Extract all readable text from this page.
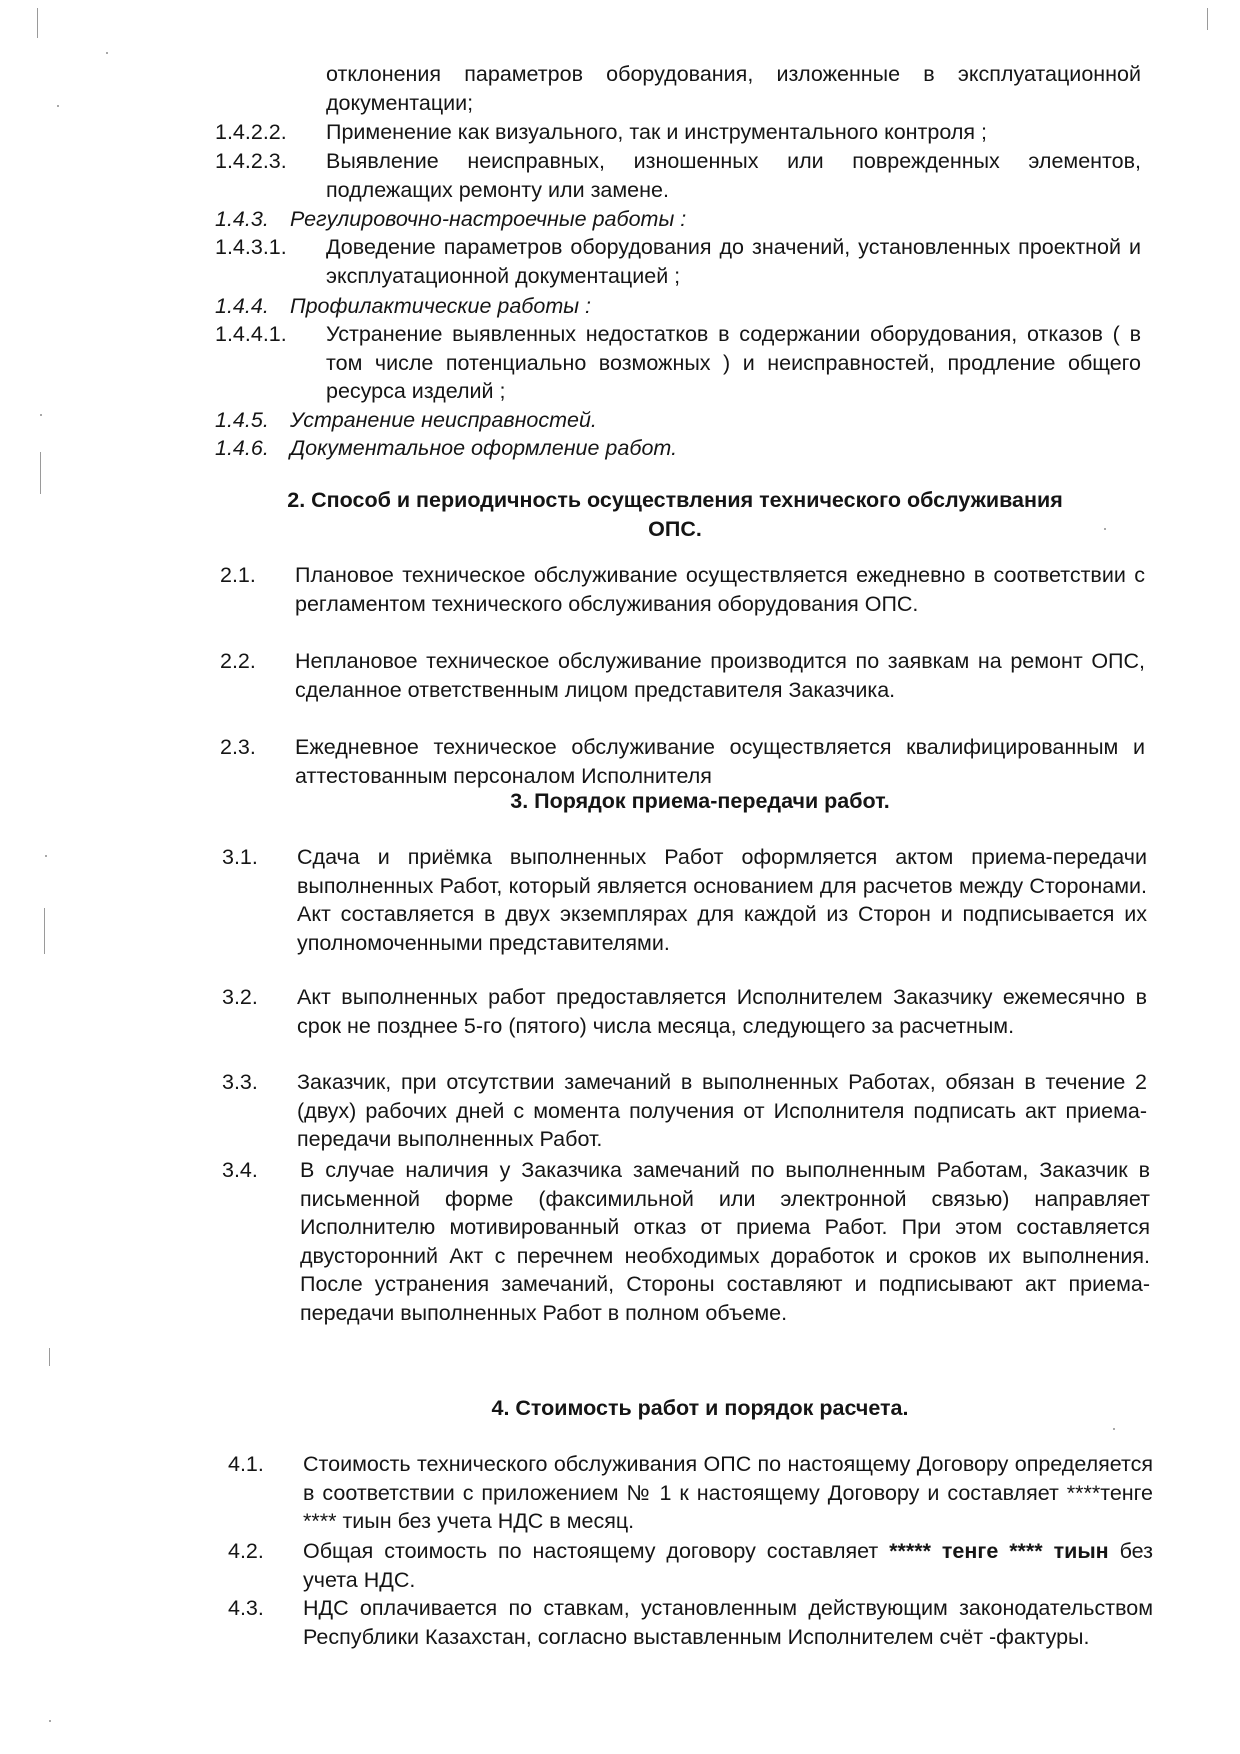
отклонения параметров оборудования, изложенные в эксплуатационной документации;
1.4.2.2. Применение как визуального, так и инструментального контроля ;
1.4.2.3. Выявление неисправных, изношенных или поврежденных элементов, подлежащих ремонту или замене.
1.4.3. Регулировочно-настроечные работы :
1.4.3.1. Доведение параметров оборудования до значений, установленных проектной и эксплуатационной документацией ;
1.4.4. Профилактические работы :
1.4.4.1. Устранение выявленных недостатков в содержании оборудования, отказов ( в том числе потенциально возможных ) и неисправностей, продление общего ресурса изделий ;
1.4.5. Устранение неисправностей.
1.4.6. Документальное оформление работ.
2. Способ и периодичность осуществления технического обслуживания
ОПС.
2.1. Плановое техническое обслуживание осуществляется ежедневно в соответствии с регламентом технического обслуживания оборудования ОПС.
2.2. Неплановое техническое обслуживание производится по заявкам на ремонт ОПС, сделанное ответственным лицом представителя Заказчика.
2.3. Ежедневное техническое обслуживание осуществляется квалифицированным и аттестованным персоналом Исполнителя
3. Порядок приема-передачи работ.
3.1. Сдача и приёмка выполненных Работ оформляется актом приема-передачи выполненных Работ, который является основанием для расчетов между Сторонами. Акт составляется в двух экземплярах для каждой из Сторон и подписывается их уполномоченными представителями.
3.2. Акт выполненных работ предоставляется Исполнителем Заказчику ежемесячно в срок не позднее 5-го (пятого) числа месяца, следующего за расчетным.
3.3. Заказчик, при отсутствии замечаний в выполненных Работах, обязан в течение 2 (двух) рабочих дней с момента получения от Исполнителя подписать акт приема-передачи выполненных Работ.
3.4. В случае наличия у Заказчика замечаний по выполненным Работам, Заказчик в письменной форме (факсимильной или электронной связью) направляет Исполнителю мотивированный отказ от приема Работ. При этом составляется двусторонний Акт с перечнем необходимых доработок и сроков их выполнения. После устранения замечаний, Стороны составляют и подписывают акт приема-передачи выполненных Работ в полном объеме.
4. Стоимость работ и порядок расчета.
4.1. Стоимость технического обслуживания ОПС по настоящему Договору определяется в соответствии с приложением № 1 к настоящему Договору и составляет ****тенге **** тиын без учета НДС в месяц.
4.2. Общая стоимость по настоящему договору составляет ***** тенге **** тиын без учета НДС.
4.3. НДС оплачивается по ставкам, установленным действующим законодательством Республики Казахстан, согласно выставленным Исполнителем счёт -фактуры.
